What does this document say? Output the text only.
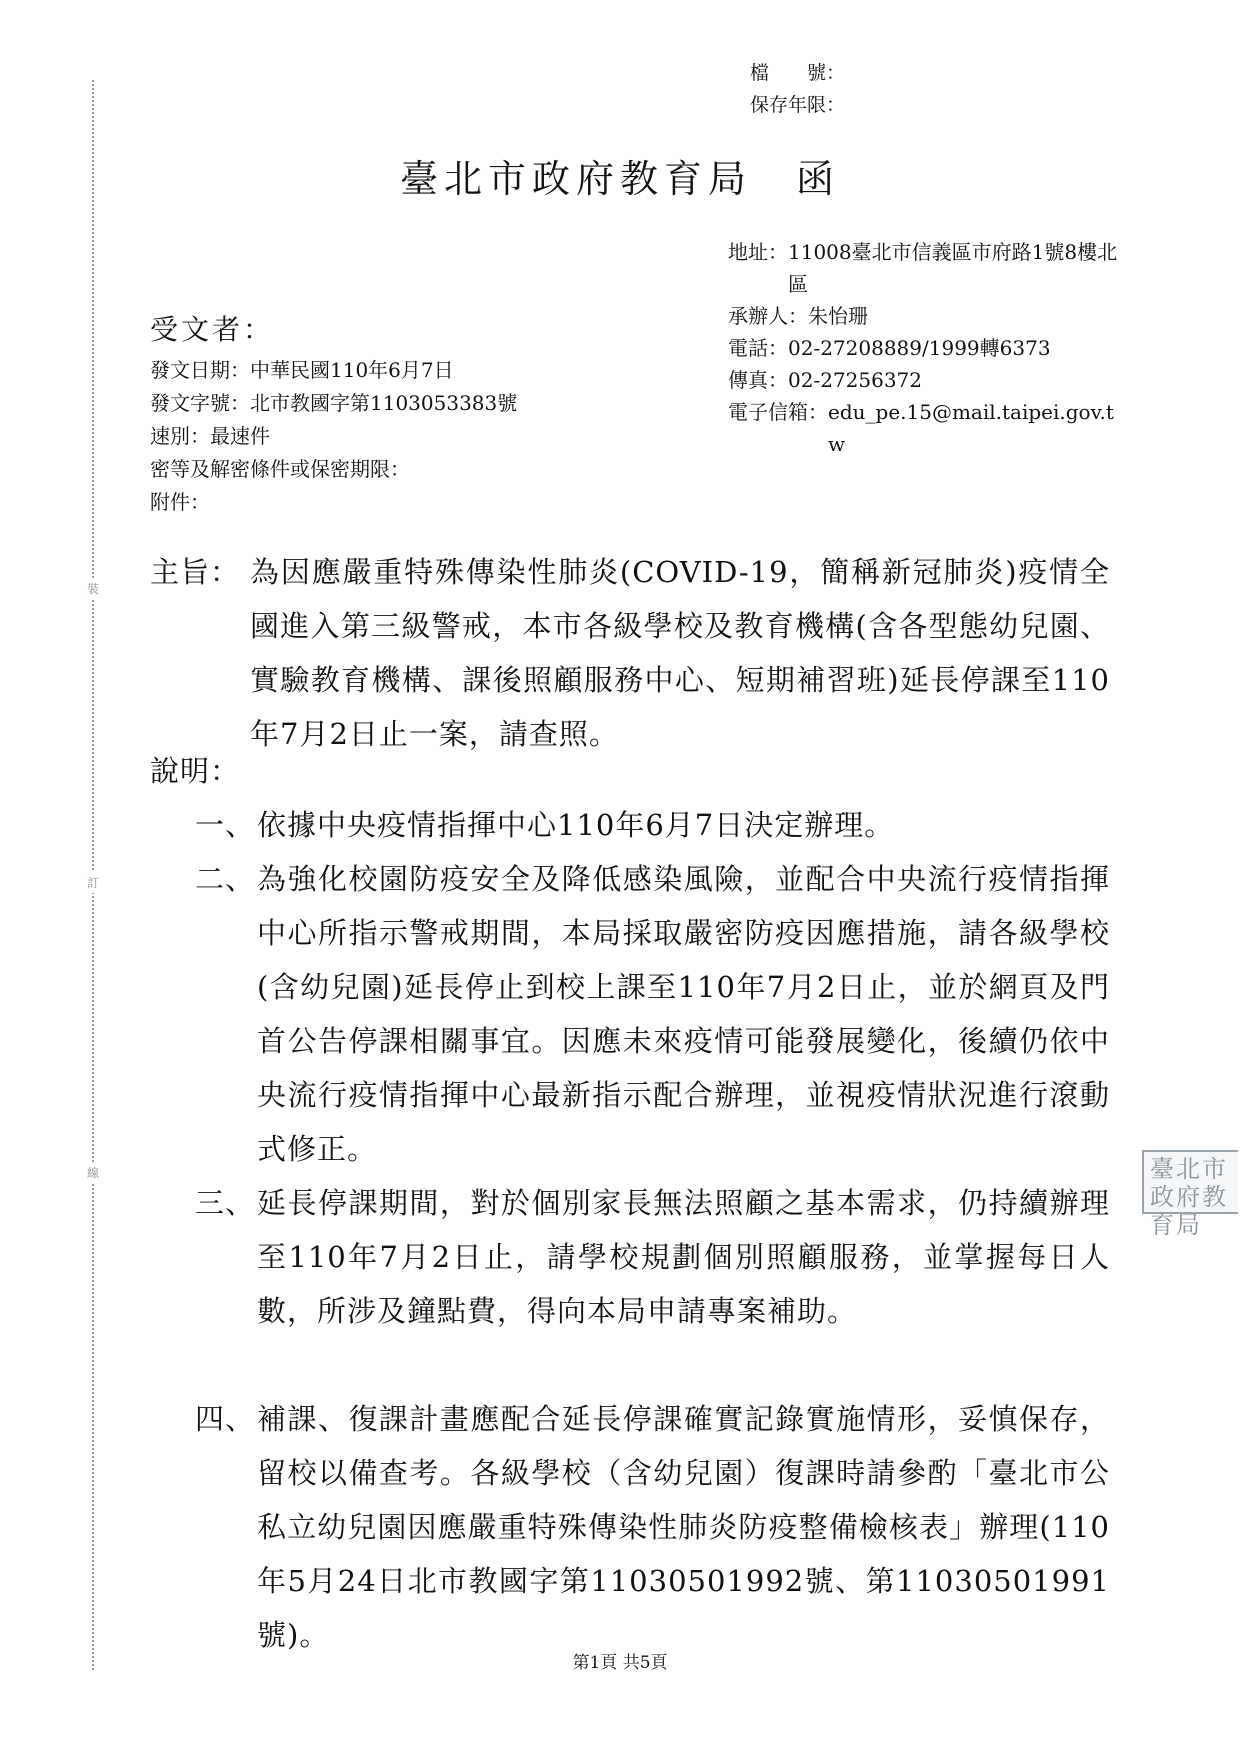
裝
訂
線
檔　　號：
保存年限：
臺北市政府教育局　函
地址： 11008臺北市信義區市府路1號8樓北區
承辦人： 朱怡珊
電話： 02-27208889/1999轉6373
傳真： 02-27256372
電子信箱： edu_pe.15@mail.taipei.gov.tw
受文者：
發文日期：中華民國110年6月7日
發文字號：北市教國字第1103053383號
速別：最速件
密等及解密條件或保密期限：
附件：
主旨： 為因應嚴重特殊傳染性肺炎(COVID-19，簡稱新冠肺炎)疫情全國進入第三級警戒，本市各級學校及教育機構(含各型態幼兒園、實驗教育機構、課後照顧服務中心、短期補習班)延長停課至110年7月2日止一案，請查照。
說明：
一、 依據中央疫情指揮中心110年6月7日決定辦理。
二、 為強化校園防疫安全及降低感染風險，並配合中央流行疫情指揮中心所指示警戒期間，本局採取嚴密防疫因應措施，請各級學校(含幼兒園)延長停止到校上課至110年7月2日止，並於網頁及門首公告停課相關事宜。因應未來疫情可能發展變化，後續仍依中央流行疫情指揮中心最新指示配合辦理，並視疫情狀況進行滾動式修正。
三、 延長停課期間，對於個別家長無法照顧之基本需求，仍持續辦理至110年7月2日止，請學校規劃個別照顧服務，並掌握每日人數，所涉及鐘點費，得向本局申請專案補助。
四、 補課、復課計畫應配合延長停課確實記錄實施情形，妥慎保存，留校以備查考。各級學校（含幼兒園）復課時請參酌「臺北市公私立幼兒園因應嚴重特殊傳染性肺炎防疫整備檢核表」辦理(110年5月24日北市教國字第11030501992號、第11030501991號)。
臺北市政府教育局
第1頁 共5頁
